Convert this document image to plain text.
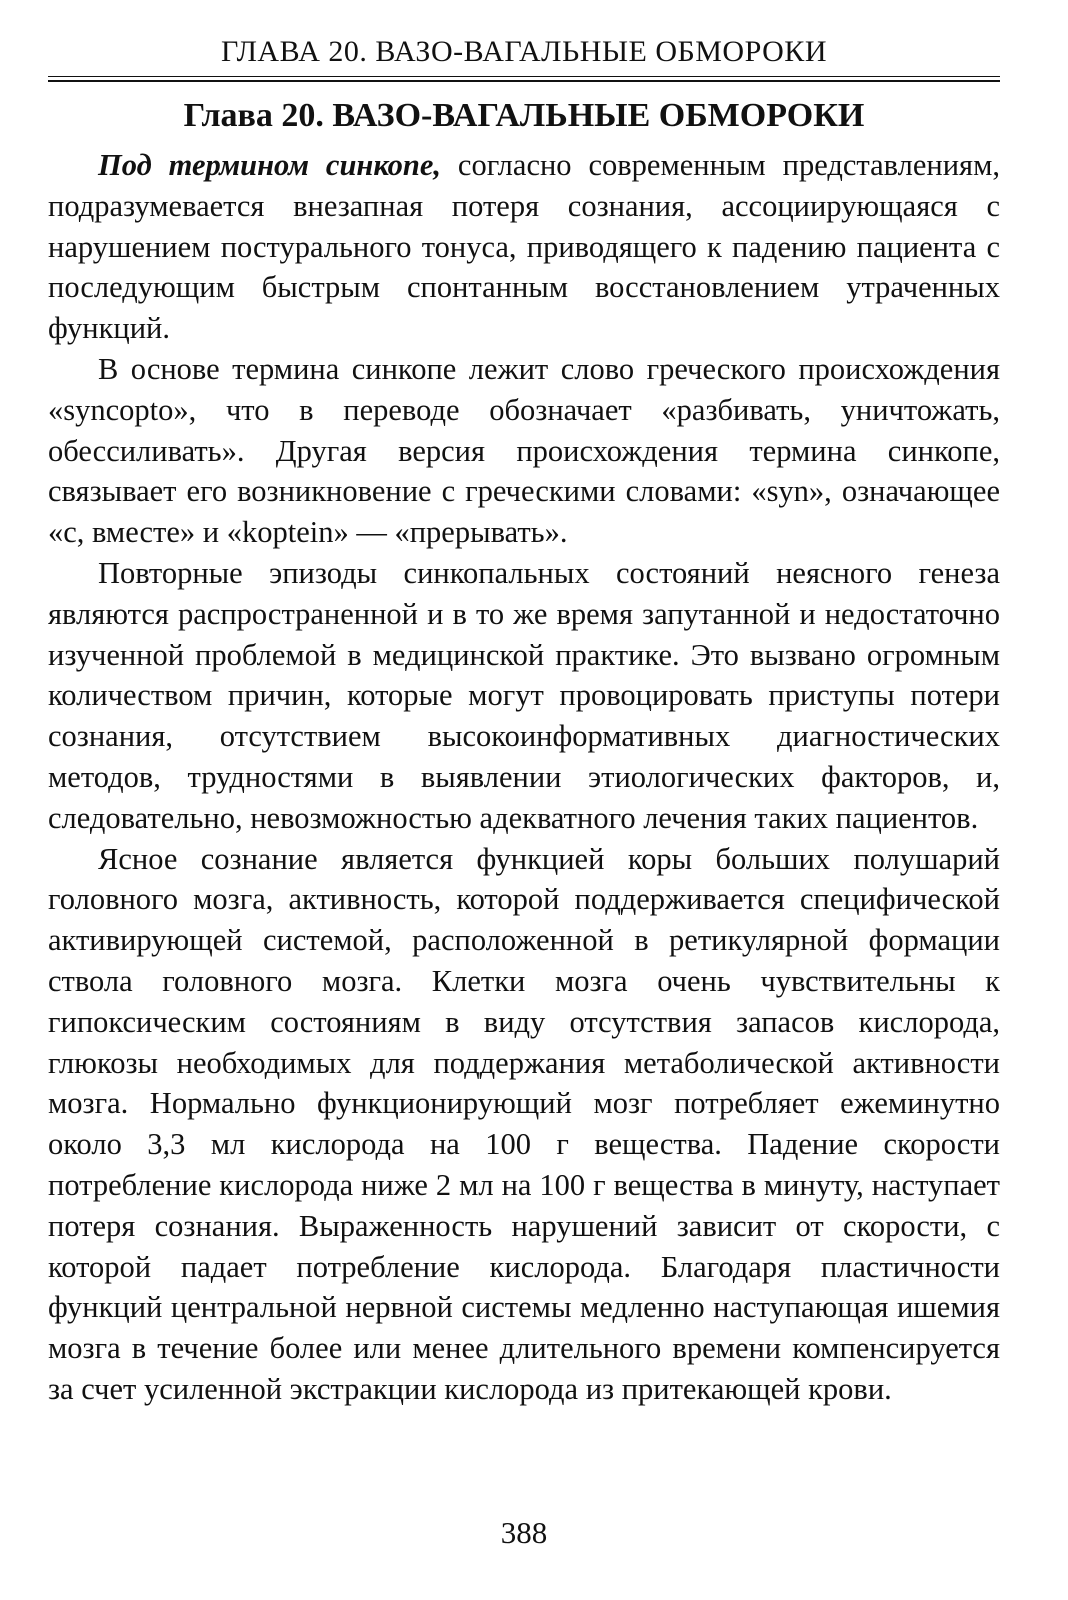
ГЛАВА 20. ВАЗО-ВАГАЛЬНЫЕ ОБМОРОКИ
Глава 20. ВАЗО-ВАГАЛЬНЫЕ ОБМОРОКИ

Под термином синкопе, согласно современным представлениям, подразумевается внезапная потеря сознания, ассоциирующаяся с нарушением постурального тонуса, приводящего к падению пациента с последующим быстрым спонтанным восстановлением утраченных функций.

В основе термина синкопе лежит слово греческого происхождения «syncopto», что в переводе обозначает «разбивать, уничтожать, обессиливать». Другая версия происхождения термина синкопе, связывает его возникновение с греческими словами: «syn», означающее «с, вместе» и «koptein» — «прерывать».

Повторные эпизоды синкопальных состояний неясного генеза являются распространенной и в то же время запутанной и недостаточно изученной проблемой в медицинской практике. Это вызвано огромным количеством причин, которые могут провоцировать приступы потери сознания, отсутствием высокоинформативных диагностических методов, трудностями в выявлении этиологических факторов, и, следовательно, невозможностью адекватного лечения таких пациентов.

Ясное сознание является функцией коры больших полушарий головного мозга, активность, которой поддерживается специфической активирующей системой, расположенной в ретикулярной формации ствола головного мозга. Клетки мозга очень чувствительны к гипоксическим состояниям в виду отсутствия запасов кислорода, глюкозы необходимых для поддержания метаболической активности мозга. Нормально функционирующий мозг потребляет ежеминутно около 3,3 мл кислорода на 100 г вещества. Падение скорости потребление кислорода ниже 2 мл на 100 г вещества в минуту, наступает потеря сознания. Выраженность нарушений зависит от скорости, с которой падает потребление кислорода. Благодаря пластичности функций центральной нервной системы медленно наступающая ишемия мозга в течение более или менее длительного времени компенсируется за счет усиленной экстракции кислорода из притекающей крови.

388
